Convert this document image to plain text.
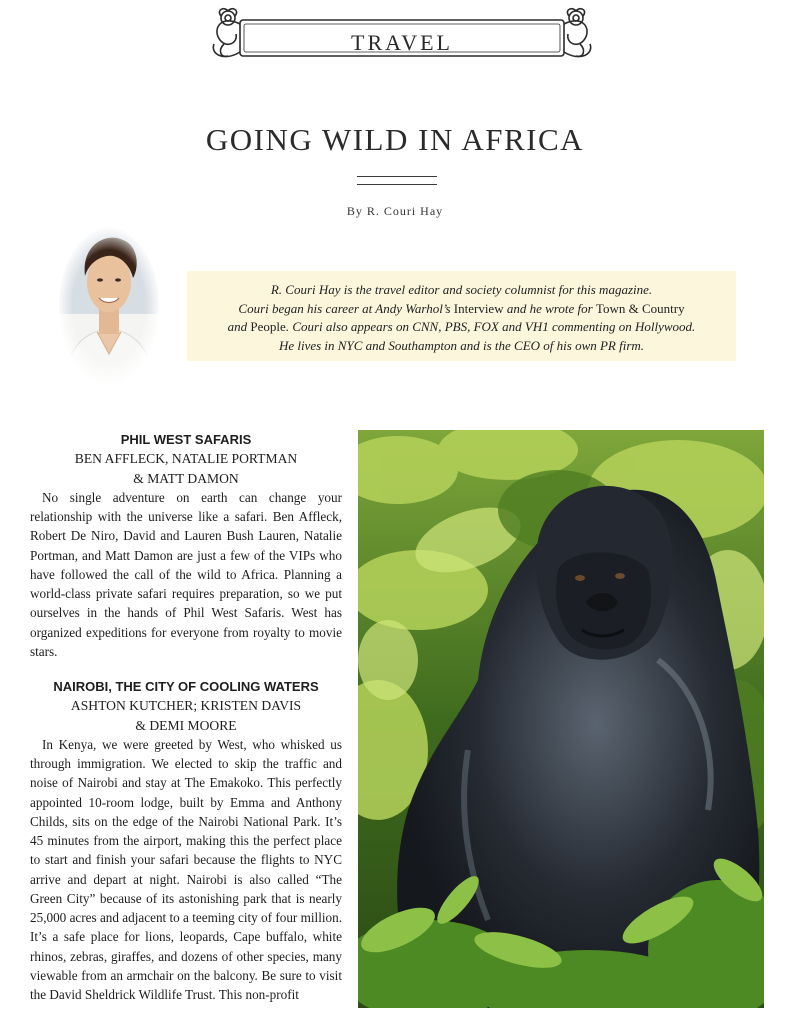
TRAVEL
GOING WILD IN AFRICA
By R. Couri Hay
R. Couri Hay is the travel editor and society columnist for this magazine.
Couri began his career at Andy Warhol’s Interview and he wrote for Town & Country
and People. Couri also appears on CNN, PBS, FOX and VH1 commenting on Hollywood.
He lives in NYC and Southampton and is the CEO of his own PR firm.
PHIL WEST SAFARIS
BEN AFFLECK, NATALIE PORTMAN
& MATT DAMON

No single adventure on earth can change your relationship with the universe like a safari. Ben Affleck, Robert De Niro, David and Lauren Bush Lauren, Natalie Portman, and Matt Damon are just a few of the VIPs who have followed the call of the wild to Africa. Planning a world-class private safari requires preparation, so we put ourselves in the hands of Phil West Safaris. West has organized expeditions for everyone from royalty to movie stars.

NAIROBI, THE CITY OF COOLING WATERS
ASHTON KUTCHER; KRISTEN DAVIS
& DEMI MOORE

In Kenya, we were greeted by West, who whisked us through immigration. We elected to skip the traffic and noise of Nairobi and stay at The Emakoko. This perfectly appointed 10-room lodge, built by Emma and Anthony Childs, sits on the edge of the Nairobi National Park. It’s 45 minutes from the airport, making this the perfect place to start and finish your safari because the flights to NYC arrive and depart at night. Nairobi is also called “The Green City” because of its astonishing park that is nearly 25,000 acres and adjacent to a teeming city of four million. It’s a safe place for lions, leopards, Cape buffalo, white rhinos, zebras, giraffes, and dozens of other species, many viewable from an armchair on the balcony. Be sure to visit the David Sheldrick Wildlife Trust. This non-profit
